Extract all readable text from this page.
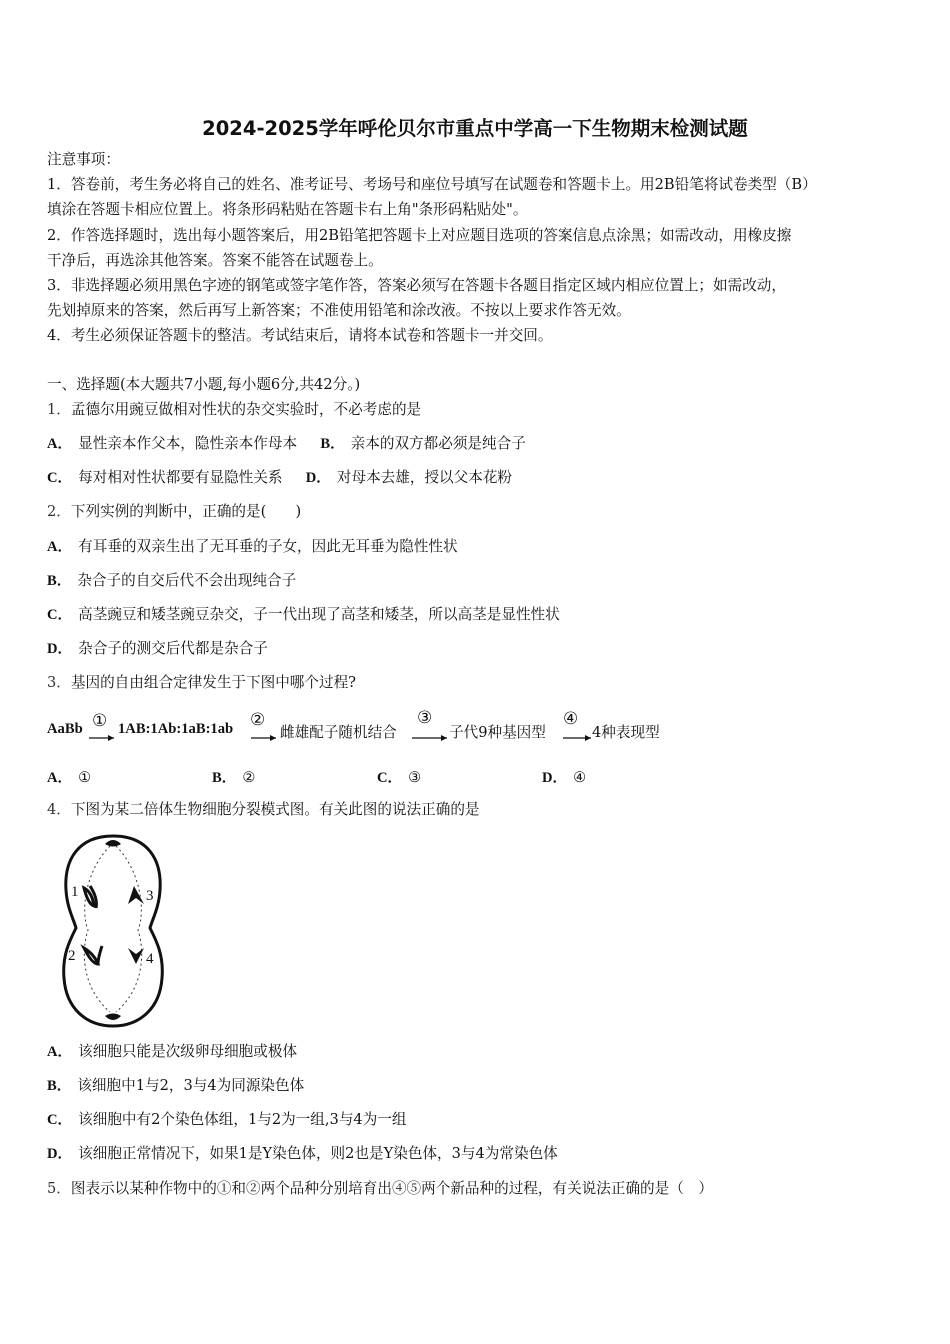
2024-2025学年呼伦贝尔市重点中学高一下生物期末检测试题
注意事项：
1．答卷前，考生务必将自己的姓名、准考证号、考场号和座位号填写在试题卷和答题卡上。用2B铅笔将试卷类型（B）
填涂在答题卡相应位置上。将条形码粘贴在答题卡右上角"条形码粘贴处"。
2．作答选择题时，选出每小题答案后，用2B铅笔把答题卡上对应题目选项的答案信息点涂黑；如需改动，用橡皮擦
干净后，再选涂其他答案。答案不能答在试题卷上。
3．非选择题必须用黑色字迹的钢笔或签字笔作答，答案必须写在答题卡各题目指定区域内相应位置上；如需改动，
先划掉原来的答案，然后再写上新答案；不准使用铅笔和涂改液。不按以上要求作答无效。
4．考生必须保证答题卡的整洁。考试结束后，请将本试卷和答题卡一并交回。
一、选择题(本大题共7小题,每小题6分,共42分。)
1．孟德尔用豌豆做相对性状的杂交实验时，不必考虑的是
A． 显性亲本作父本，隐性亲本作母本 B． 亲本的双方都必须是纯合子
C． 每对相对性状都要有显隐性关系 D． 对母本去雄，授以父本花粉
2．下列实例的判断中，正确的是(　　)
A． 有耳垂的双亲生出了无耳垂的子女，因此无耳垂为隐性性状
B． 杂合子的自交后代不会出现纯合子
C． 高茎豌豆和矮茎豌豆杂交，子一代出现了高茎和矮茎，所以高茎是显性性状
D． 杂合子的测交后代都是杂合子
3．基因的自由组合定律发生于下图中哪个过程?
AaBb ① 1AB:1Ab:1aB:1ab ②
雌雄配子随机结合
③
子代9种基因型
④
4种表现型
A． ①	B． ②	C． ③	D． ④
4．下图为某二倍体生物细胞分裂模式图。有关此图的说法正确的是
1
2
3
4
A． 该细胞只能是次级卵母细胞或极体
B． 该细胞中1与2，3与4为同源染色体
C． 该细胞中有2个染色体组，1与2为一组,3与4为一组
D． 该细胞正常情况下，如果1是Y染色体，则2也是Y染色体，3与4为常染色体
5．图表示以某种作物中的①和②两个品种分别培育出④⑤两个新品种的过程，有关说法正确的是（　）
